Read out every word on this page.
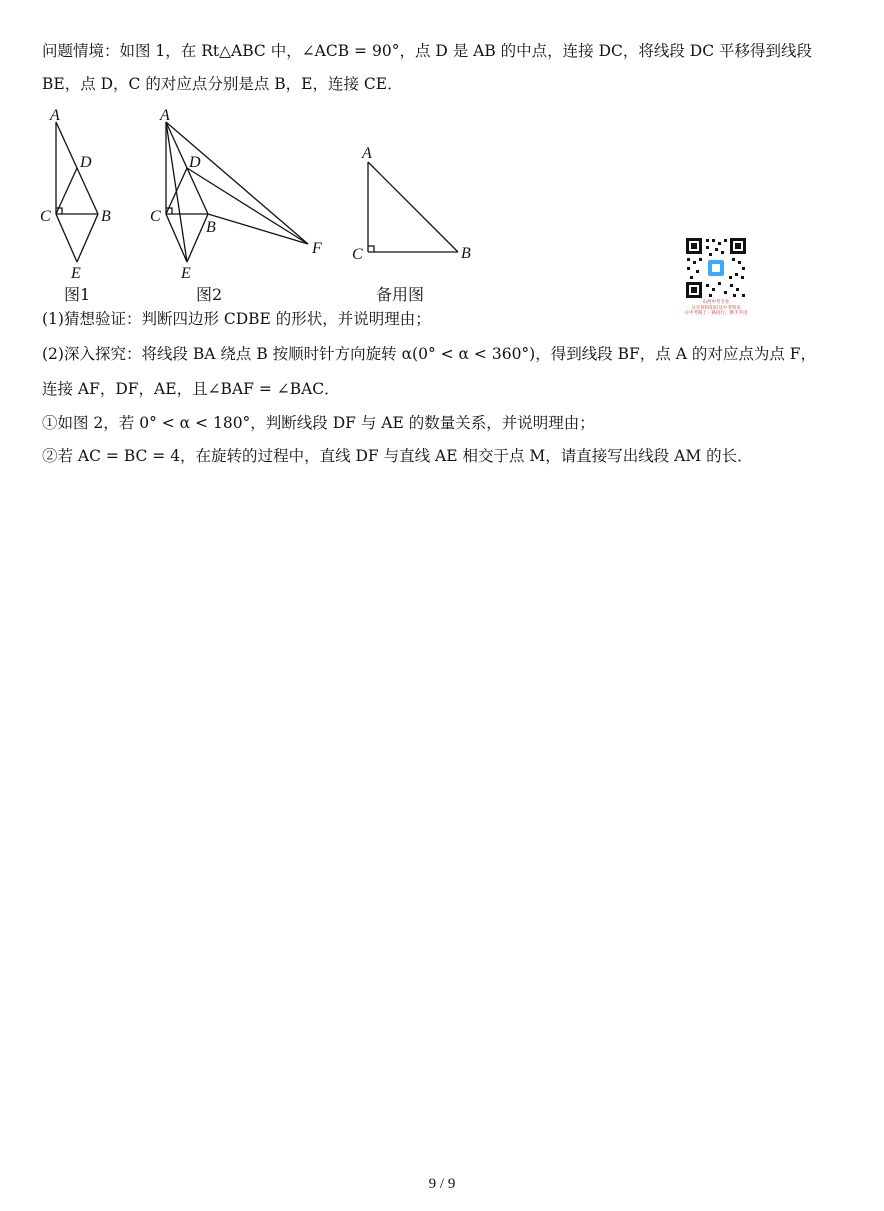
问题情境：如图 1，在 Rt△ABC 中，∠ACB = 90°，点 D 是 AB 的中点，连接 DC，将线段 DC 平移得到线段
BE，点 D，C 的对应点分别是点 B，E，连接 CE．
A
D
C	B
E
A
D
C
B
E
F
A
C	B
图1	图2	备用图	山西中考专业
分享各科知识及中考资讯
在中考路上一路同行，携手共进
(1)猜想验证：判断四边形 CDBE 的形状，并说明理由；
(2)深入探究：将线段 BA 绕点 B 按顺时针方向旋转 α(0° < α < 360°)，得到线段 BF，点 A 的对应点为点 F，
连接 AF，DF，AE，且∠BAF = ∠BAC．
①如图 2，若 0° < α < 180°，判断线段 DF 与 AE 的数量关系，并说明理由；
②若 AC = BC = 4，在旋转的过程中，直线 DF 与直线 AE 相交于点 M，请直接写出线段 AM 的长．
9 / 9
